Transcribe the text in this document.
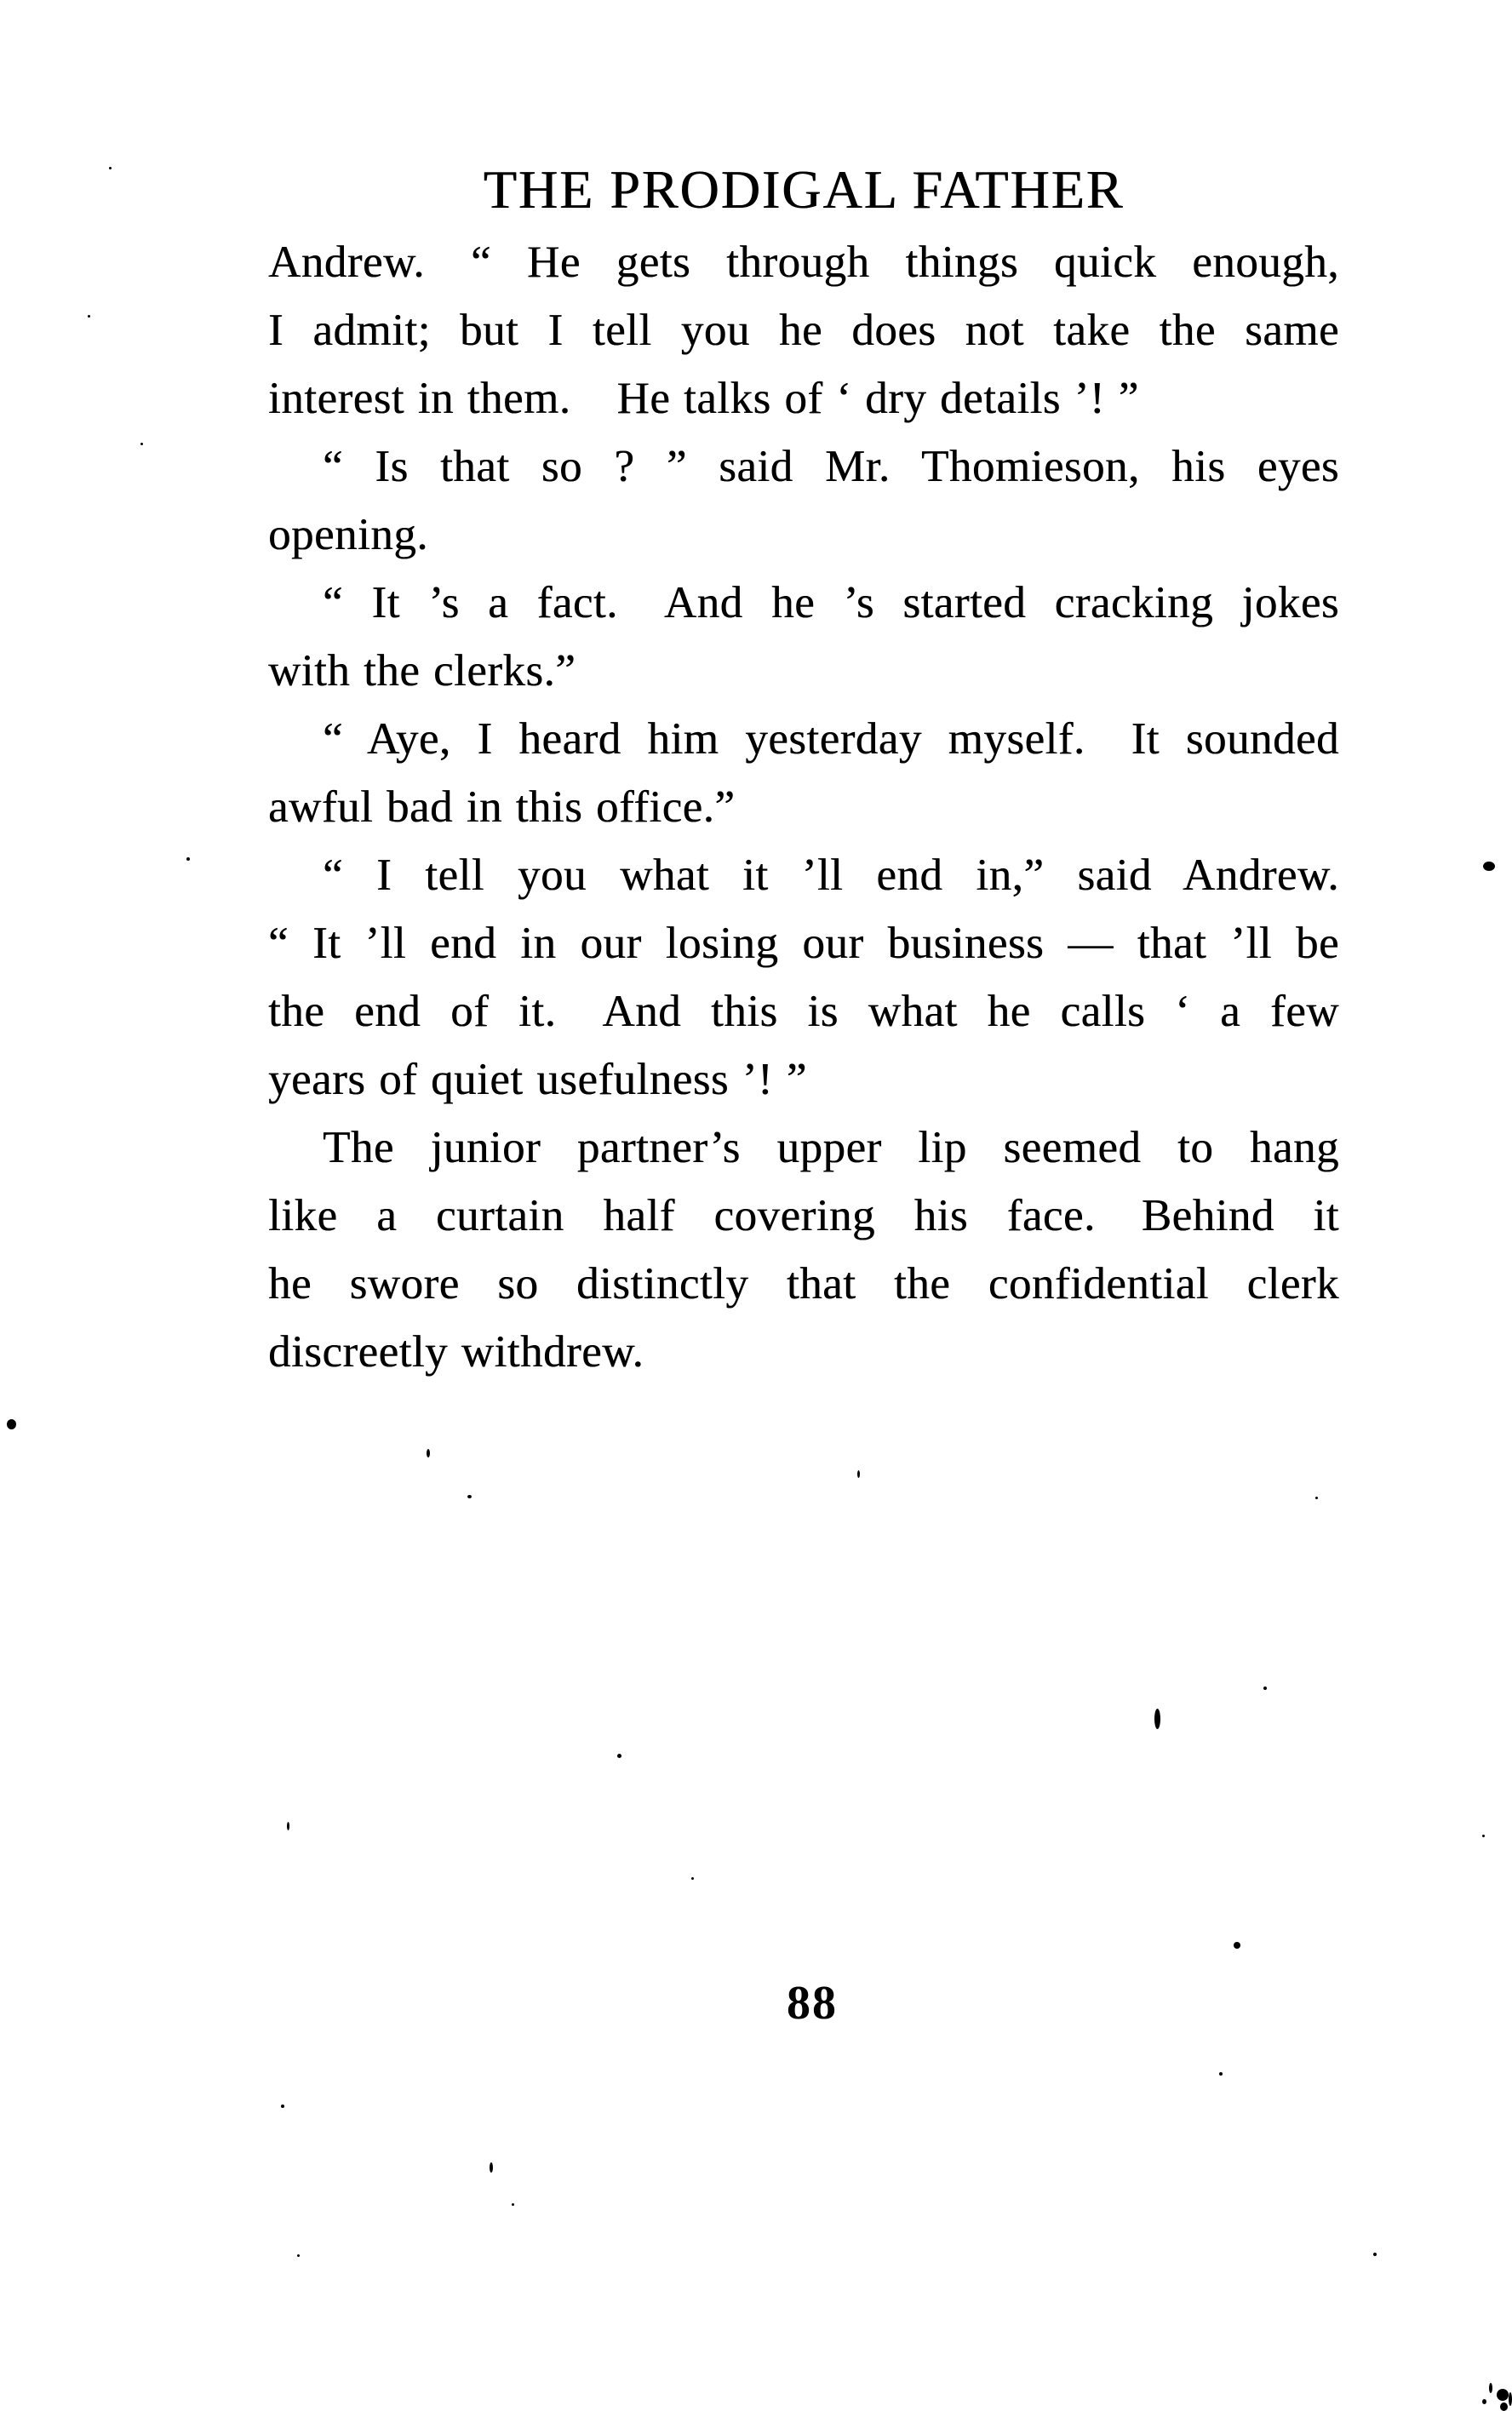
THE PRODIGAL FATHER
Andrew.  “ He gets through things quick enough,
I admit; but I tell you he does not take the same
interest in them.  He talks of ‘ dry details ’! ”
“ Is that so ? ” said Mr. Thomieson, his eyes
opening.
“ It ’s a fact.  And he ’s started cracking jokes
with the clerks.”
“ Aye, I heard him yesterday myself.  It sounded
awful bad in this office.”
“ I tell you what it ’ll end in,” said Andrew.
“ It ’ll end in our losing our business — that ’ll be
the end of it.  And this is what he calls ‘ a few
years of quiet usefulness ’! ”
The junior partner’s upper lip seemed to hang
like a curtain half covering his face.  Behind it
he swore so distinctly that the confidential clerk
discreetly withdrew.
88
